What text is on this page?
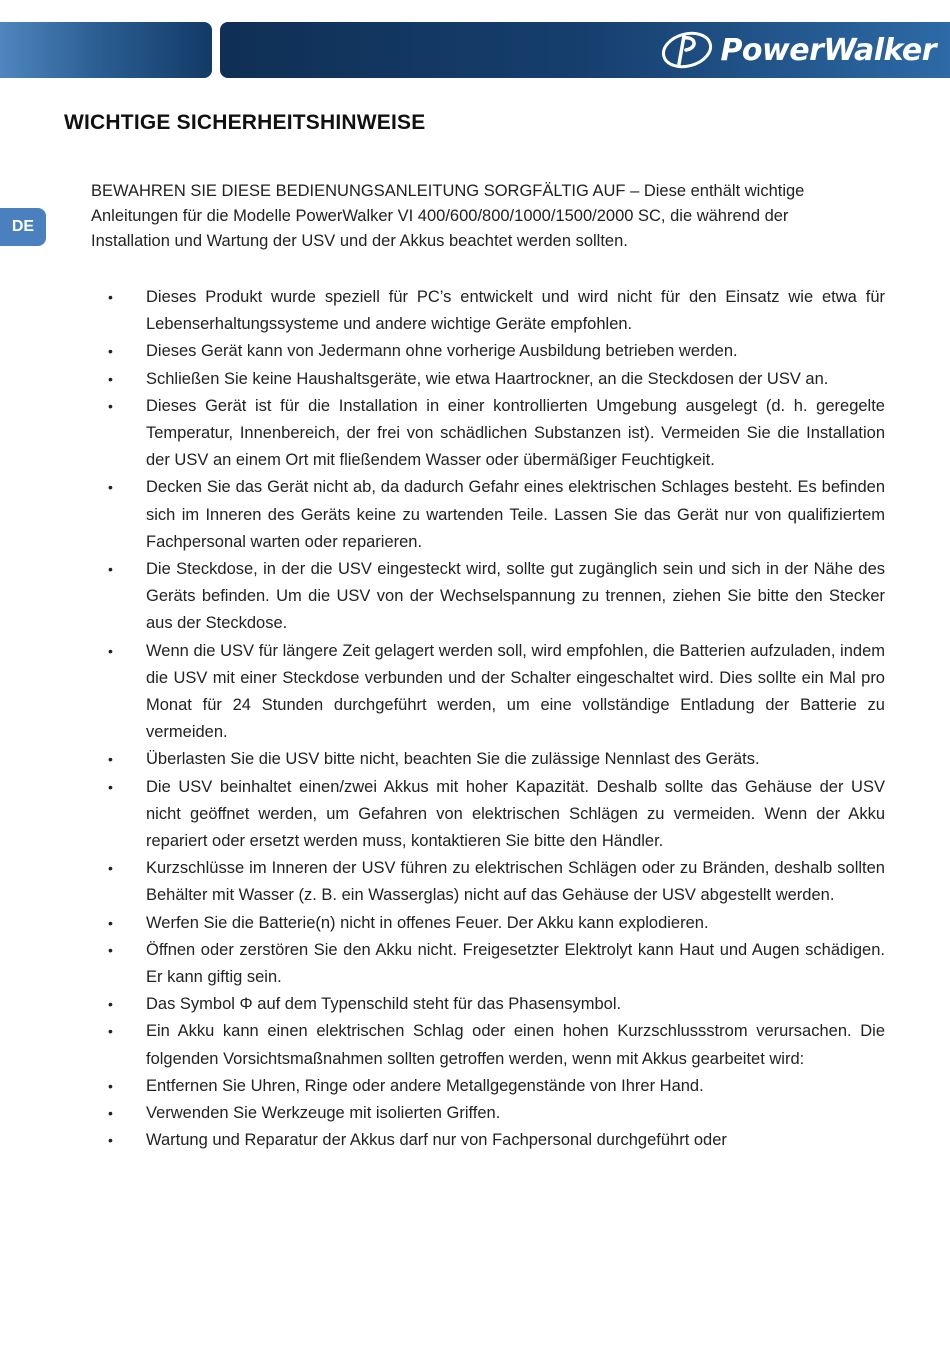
PowerWalker
DE
WICHTIGE SICHERHEITSHINWEISE

BEWAHREN SIE DIESE BEDIENUNGSANLEITUNG SORGFÄLTIG AUF – Diese enthält wichtige Anleitungen für die Modelle PowerWalker VI 400/600/800/1000/1500/2000 SC, die während der Installation und Wartung der USV und der Akkus beachtet werden sollten.

• Dieses Produkt wurde speziell für PC’s entwickelt und wird nicht für den Einsatz wie etwa für Lebenserhaltungssysteme und andere wichtige Geräte empfohlen.
• Dieses Gerät kann von Jedermann ohne vorherige Ausbildung betrieben werden.
• Schließen Sie keine Haushaltsgeräte, wie etwa Haartrockner, an die Steckdosen der USV an.
• Dieses Gerät ist für die Installation in einer kontrollierten Umgebung ausgelegt (d. h. geregelte Temperatur, Innenbereich, der frei von schädlichen Substanzen ist). Vermeiden Sie die Installation der USV an einem Ort mit fließendem Wasser oder übermäßiger Feuchtigkeit.
• Decken Sie das Gerät nicht ab, da dadurch Gefahr eines elektrischen Schlages besteht. Es befinden sich im Inneren des Geräts keine zu wartenden Teile. Lassen Sie das Gerät nur von qualifiziertem Fachpersonal warten oder reparieren.
• Die Steckdose, in der die USV eingesteckt wird, sollte gut zugänglich sein und sich in der Nähe des Geräts befinden. Um die USV von der Wechselspannung zu trennen, ziehen Sie bitte den Stecker aus der Steckdose.
• Wenn die USV für längere Zeit gelagert werden soll, wird empfohlen, die Batterien aufzuladen, indem die USV mit einer Steckdose verbunden und der Schalter eingeschaltet wird. Dies sollte ein Mal pro Monat für 24 Stunden durchgeführt werden, um eine vollständige Entladung der Batterie zu vermeiden.
• Überlasten Sie die USV bitte nicht, beachten Sie die zulässige Nennlast des Geräts.
• Die USV beinhaltet einen/zwei Akkus mit hoher Kapazität. Deshalb sollte das Gehäuse der USV nicht geöffnet werden, um Gefahren von elektrischen Schlägen zu vermeiden. Wenn der Akku repariert oder ersetzt werden muss, kontaktieren Sie bitte den Händler.
• Kurzschlüsse im Inneren der USV führen zu elektrischen Schlägen oder zu Bränden, deshalb sollten Behälter mit Wasser (z. B. ein Wasserglas) nicht auf das Gehäuse der USV abgestellt werden.
• Werfen Sie die Batterie(n) nicht in offenes Feuer. Der Akku kann explodieren.
• Öffnen oder zerstören Sie den Akku nicht. Freigesetzter Elektrolyt kann Haut und Augen schädigen. Er kann giftig sein.
• Das Symbol Φ auf dem Typenschild steht für das Phasensymbol.
• Ein Akku kann einen elektrischen Schlag oder einen hohen Kurzschlussstrom verursachen. Die folgenden Vorsichtsmaßnahmen sollten getroffen werden, wenn mit Akkus gearbeitet wird:
• Entfernen Sie Uhren, Ringe oder andere Metallgegenstände von Ihrer Hand.
• Verwenden Sie Werkzeuge mit isolierten Griffen.
• Wartung und Reparatur der Akkus darf nur von Fachpersonal durchgeführt oder
